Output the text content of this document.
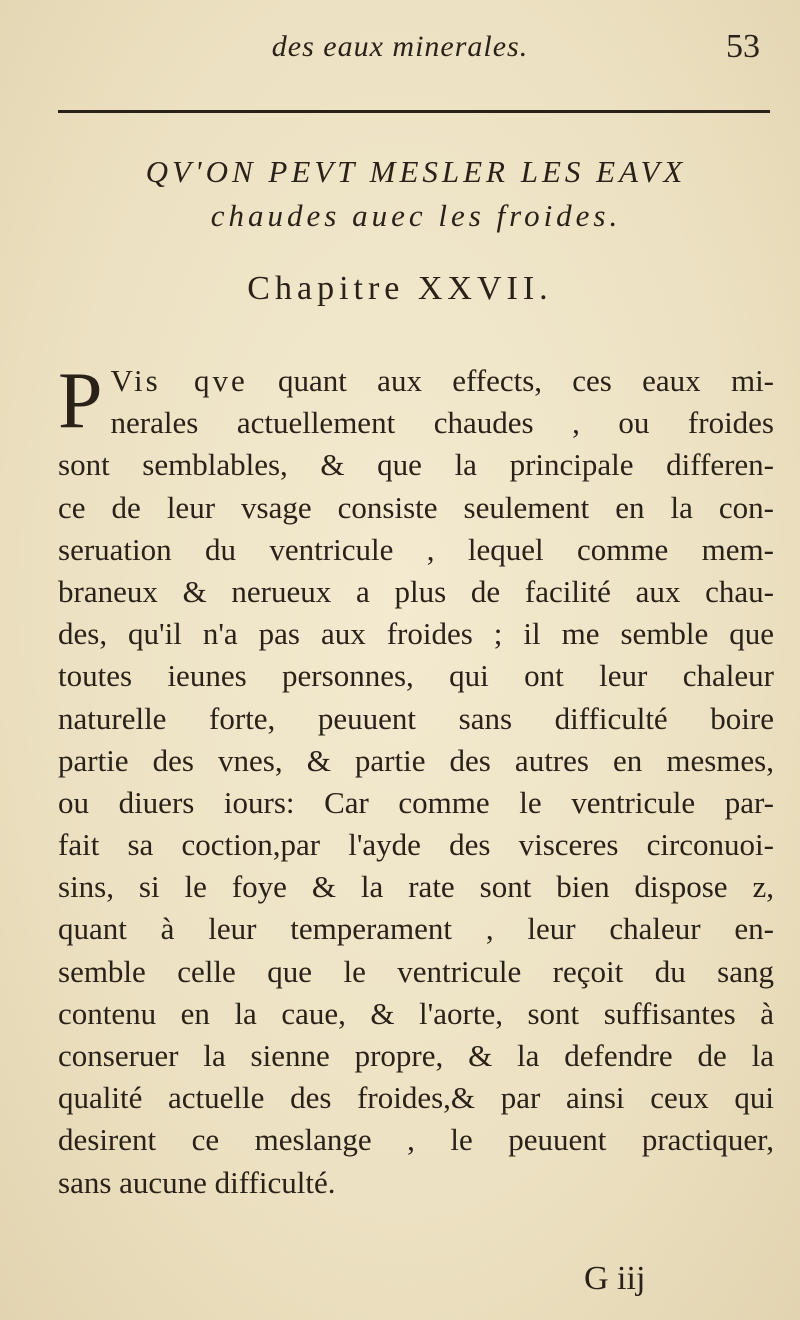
des eaux minerales.	53
QV'ON PEVT MESLER LES EAVX
chaudes auec les froides.
Chapitre XXVII.
P Vis qve quant aux effects, ces eaux mi-
nerales actuellement chaudes , ou froides
sont semblables, & que la principale differen-
ce de leur vsage consiste seulement en la con-
seruation du ventricule , lequel comme mem-
braneux & nerueux a plus de facilité aux chau-
des, qu'il n'a pas aux froides ; il me semble que
toutes ieunes personnes, qui ont leur chaleur
naturelle forte, peuuent sans difficulté boire
partie des vnes, & partie des autres en mesmes,
ou diuers iours: Car comme le ventricule par-
fait sa coction,par l'ayde des visceres circonuoi-
sins, si le foye & la rate sont bien dispose z,
quant à leur temperament , leur chaleur en-
semble celle que le ventricule reçoit du sang
contenu en la caue, & l'aorte, sont suffisantes à
conseruer la sienne propre, & la defendre de la
qualité actuelle des froides,& par ainsi ceux qui
desirent ce meslange , le peuuent practiquer,
sans aucune difficulté.
G iij
